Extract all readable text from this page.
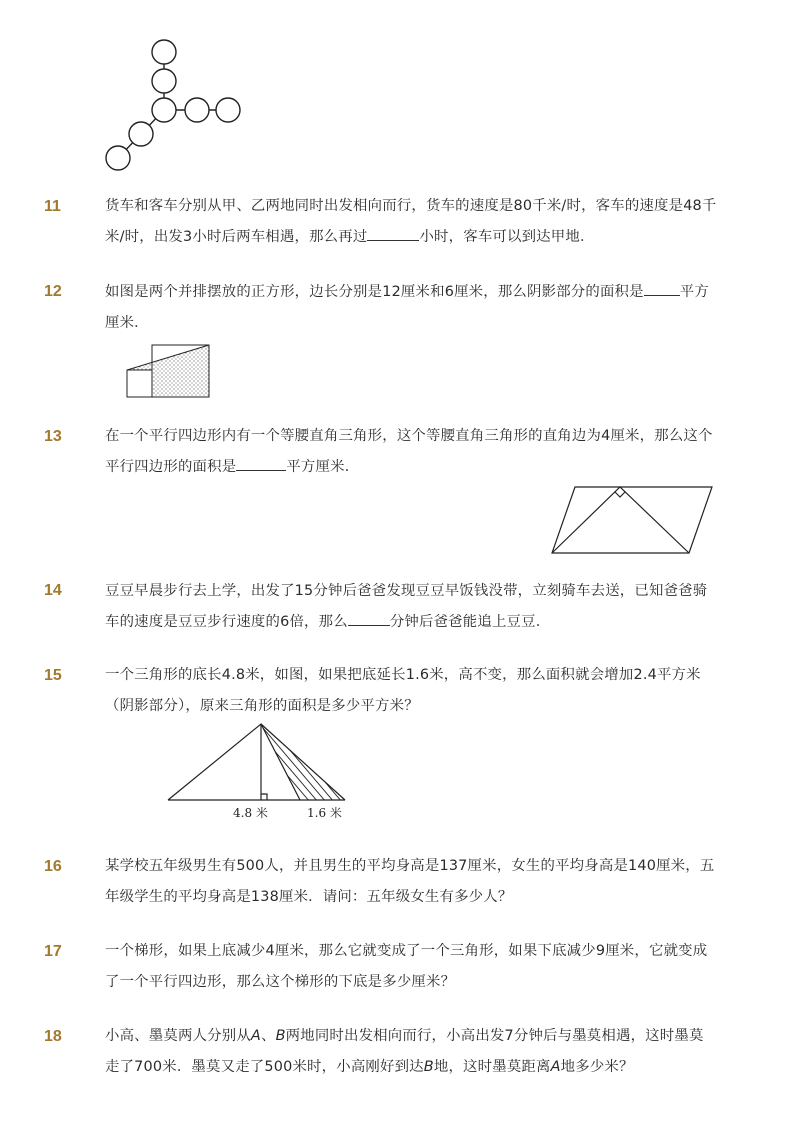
11	货车和客车分别从甲、乙两地同时出发相向而行，货车的速度是80千米/时，客车的速度是48千米/时，出发3小时后两车相遇，那么再过	小时，客车可以到达甲地．
12	如图是两个并排摆放的正方形，边长分别是12厘米和6厘米，那么阴影部分的面积是	平方厘米．
13	在一个平行四边形内有一个等腰直角三角形，这个等腰直角三角形的直角边为4厘米，那么这个平行四边形的面积是	平方厘米．
14	豆豆早晨步行去上学，出发了15分钟后爸爸发现豆豆早饭钱没带，立刻骑车去送，已知爸爸骑车的速度是豆豆步行速度的6倍，那么	分钟后爸爸能追上豆豆．
15	一个三角形的底长4.8米，如图，如果把底延长1.6米，高不变，那么面积就会增加2.4平方米（阴影部分），原来三角形的面积是多少平方米？
4.8 米	1.6 米
16	某学校五年级男生有500人，并且男生的平均身高是137厘米，女生的平均身高是140厘米，五年级学生的平均身高是138厘米．请问：五年级女生有多少人？
17	一个梯形，如果上底减少4厘米，那么它就变成了一个三角形，如果下底减少9厘米，它就变成了一个平行四边形，那么这个梯形的下底是多少厘米？
18	小高、墨莫两人分别从A、B两地同时出发相向而行，小高出发7分钟后与墨莫相遇，这时墨莫走了700米．墨莫又走了500米时，小高刚好到达B地，这时墨莫距离A地多少米？
